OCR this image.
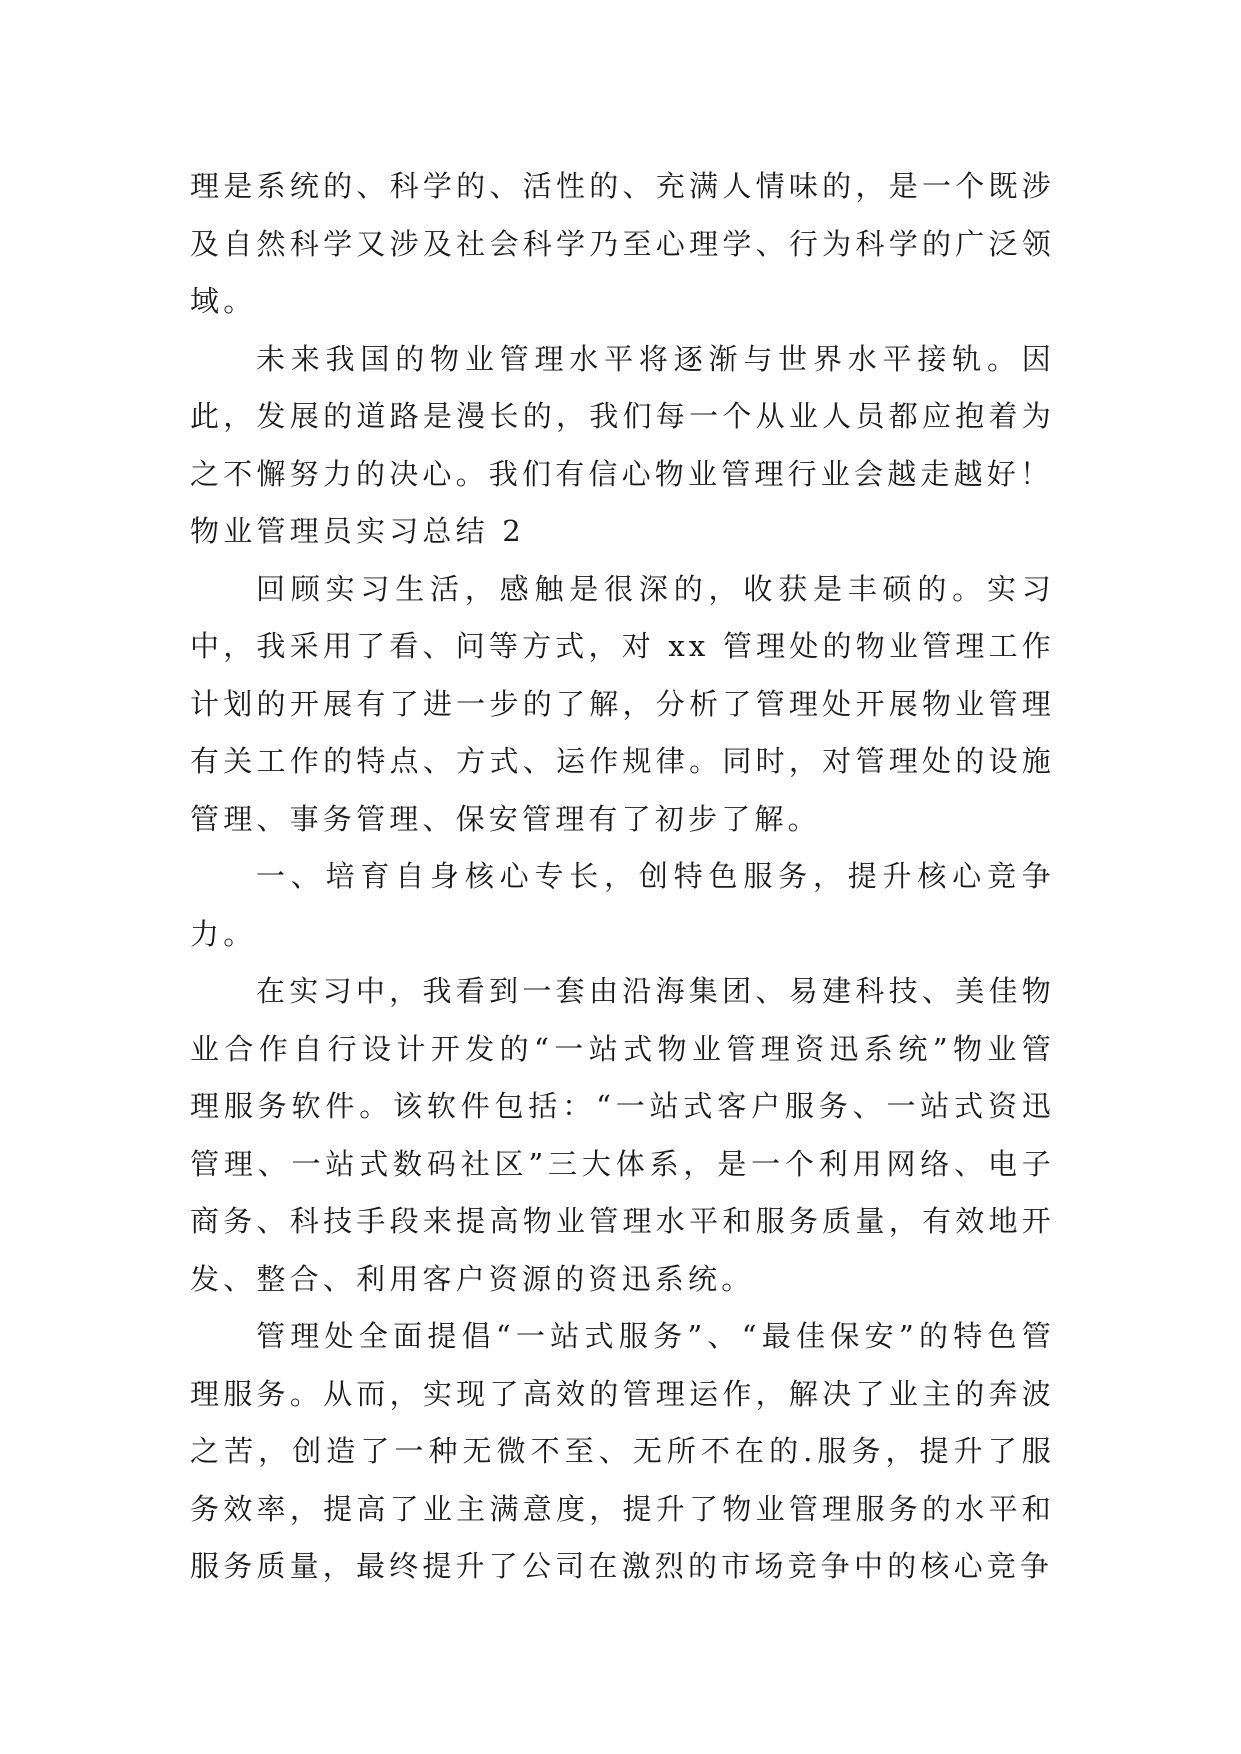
理是系统的、科学的、活性的、充满人情味的，是一个既涉及自然科学又涉及社会科学乃至心理学、行为科学的广泛领域。

未来我国的物业管理水平将逐渐与世界水平接轨。因此，发展的道路是漫长的，我们每一个从业人员都应抱着为之不懈努力的决心。我们有信心物业管理行业会越走越好！

物业管理员实习总结 2

回顾实习生活，感触是很深的，收获是丰硕的。实习中，我采用了看、问等方式，对 xx 管理处的物业管理工作计划的开展有了进一步的了解，分析了管理处开展物业管理有关工作的特点、方式、运作规律。同时，对管理处的设施管理、事务管理、保安管理有了初步了解。

一、培育自身核心专长，创特色服务，提升核心竞争力。

在实习中，我看到一套由沿海集团、易建科技、美佳物业合作自行设计开发的“一站式物业管理资迅系统”物业管理服务软件。该软件包括：“一站式客户服务、一站式资迅管理、一站式数码社区”三大体系，是一个利用网络、电子商务、科技手段来提高物业管理水平和服务质量，有效地开发、整合、利用客户资源的资迅系统。

管理处全面提倡“一站式服务”、“最佳保安”的特色管理服务。从而，实现了高效的管理运作，解决了业主的奔波之苦，创造了一种无微不至、无所不在的.服务，提升了服务效率，提高了业主满意度，提升了物业管理服务的水平和服务质量，最终提升了公司在激烈的市场竞争中的核心竞争
